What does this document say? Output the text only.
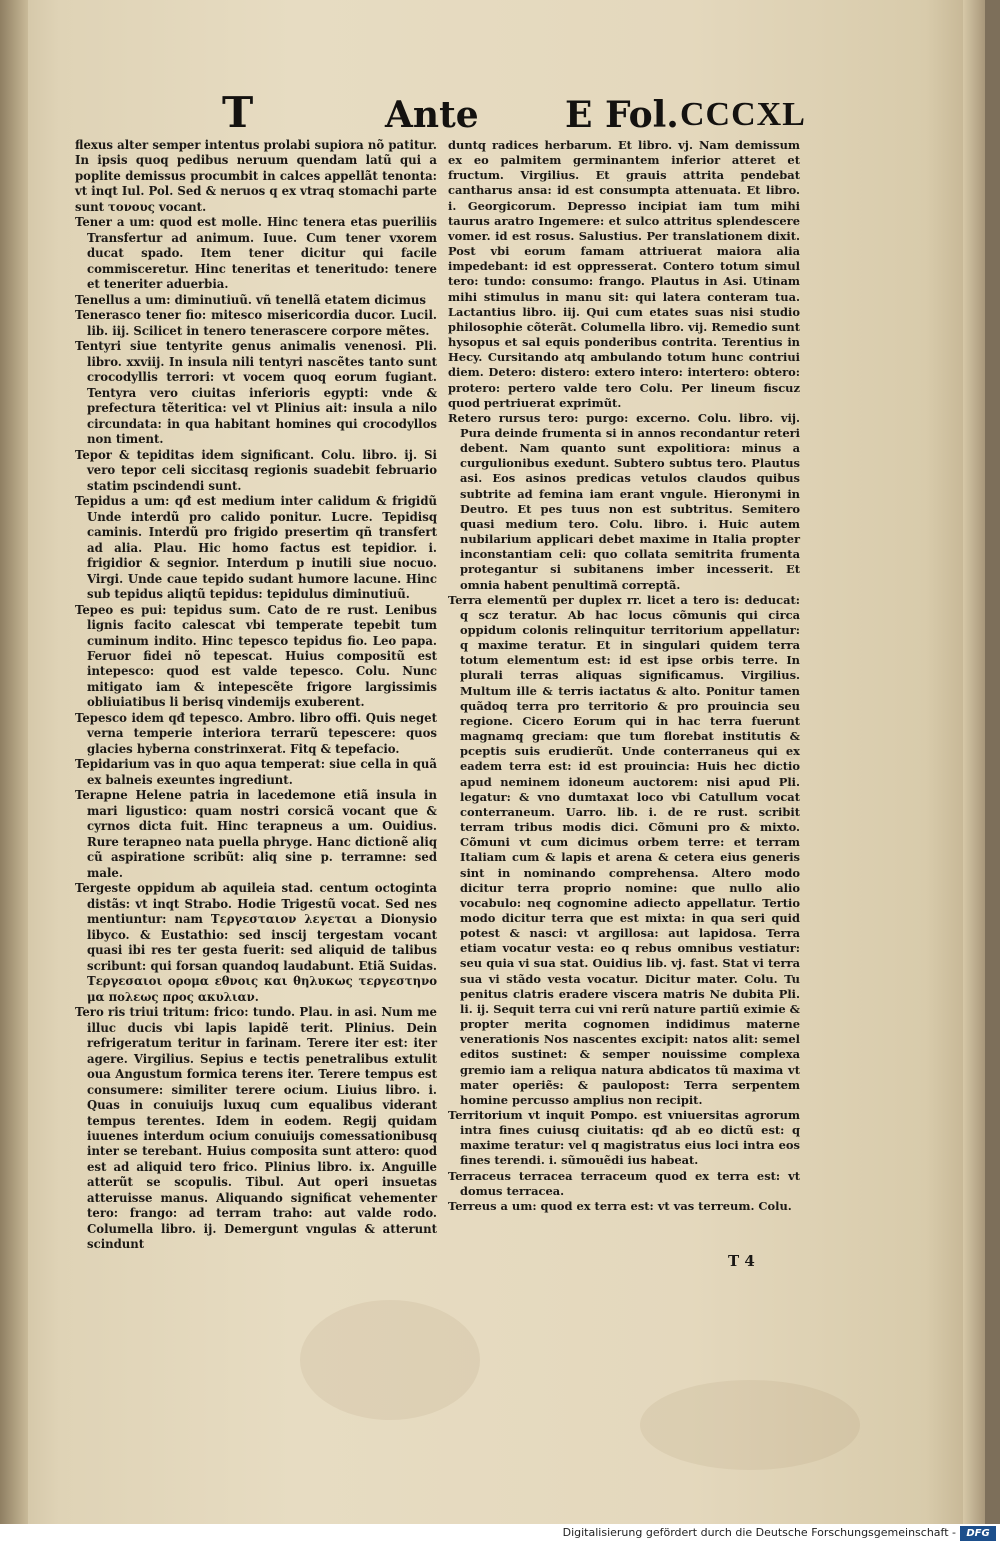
T	Ante E Fol. CCCXL

flexus alter semper intentus prolabi supiora nõ patitur. In ipsis quoq pedibus neruum quendam latũ qui a poplite demissus procumbit in calces appellãt tenonta: vt inqt Iul. Pol. Sed & neruos q ex vtraq stomachi parte sunt τονους vocant.

Tener a um: quod est molle. Hinc tenera etas pueriliis Transfertur ad animum. Iuue. Cum tener vxorem ducat spado. Item tener dicitur qui facile commisceretur. Hinc teneritas et teneritudo: tenere et teneriter aduerbia.

Tenellus a um: diminutiuũ. vñ tenellã etatem dicimus

Tenerasco tener fio: mitesco misericordia ducor. Lucil. lib. iij. Scilicet in tenero tenerascere corpore mẽtes.

Tentyri siue tentyrite genus animalis venenosi. Pli. libro. xxviij. In insula nili tentyri nascẽtes tanto sunt crocodyllis terrori: vt vocem quoq eorum fugiant. Tentyra vero ciuitas inferioris egypti: vnde & prefectura tẽteritica: vel vt Plinius ait: insula a nilo circundata: in qua habitant homines qui crocodyllos non timent.

Tepor & tepiditas idem significant. Colu. libro. ij. Si vero tepor celi siccitasq regionis suadebit februario statim pscindendi sunt.

Tepidus a um: qđ est medium inter calidum & frigidũ Unde interdũ pro calido ponitur. Lucre. Tepidisq caminis. Interdũ pro frigido presertim qñ transfert ad alia. Plau. Hic homo factus est tepidior. i. frigidior & segnior. Interdum p inutili siue nocuo. Virgi. Unde caue tepido sudant humore lacune. Hinc sub tepidus aliqtũ tepidus: tepidulus diminutiuũ.

Tepeo es pui: tepidus sum. Cato de re rust. Lenibus lignis facito calescat vbi temperate tepebit tum cuminum indito. Hinc tepesco tepidus fio. Leo papa. Feruor fidei nõ tepescat. Huius compositũ est intepesco: quod est valde tepesco. Colu. Nunc mitigato iam & intepescẽte frigore largissimis obliuiatibus li berisq vindemijs exuberent.

Tepesco idem qđ tepesco. Ambro. libro offi. Quis neget verna temperie interiora terrarũ tepescere: quos glacies hyberna constrinxerat. Fitq & tepefacio.

Tepidarium vas in quo aqua temperat: siue cella in quã ex balneis exeuntes ingrediunt.

Terapne Helene patria in lacedemone etiã insula in mari ligustico: quam nostri corsicã vocant que & cyrnos dicta fuit. Hinc terapneus a um. Ouidius. Rure terapneo nata puella phryge. Hanc dictionẽ aliq cũ aspiratione scribũt: aliq sine p. terramne: sed male.

Tergeste oppidum ab aquileia stad. centum octoginta distãs: vt inqt Strabo. Hodie Trigestũ vocat. Sed nes mentiuntur: nam Τεργεσταιον λεγεται a Dionysio libyco. & Eustathio: sed inscij tergestam vocant quasi ibi res ter gesta fuerit: sed aliquid de talibus scribunt: qui forsan quandoq laudabunt. Etiã Suidas. Τεργεσαιοι ορομα εθνοις και θηλυκως τεργεστηνο μα πολεως προς ακυλιαν.

Tero ris triui tritum: frico: tundo. Plau. in asi. Num me illuc ducis vbi lapis lapidẽ terit. Plinius. Dein refrigeratum teritur in farinam. Terere iter est: iter agere. Virgilius. Sepius e tectis penetralibus extulit oua Angustum formica terens iter. Terere tempus est consumere: similiter terere ocium. Liuius libro. i. Quas in conuiuijs luxuq cum equalibus viderant tempus terentes. Idem in eodem. Regij quidam iuuenes interdum ocium conuiuijs comessationibusq inter se terebant. Huius composita sunt attero: quod est ad aliquid tero frico. Plinius libro. ix. Anguille atterũt se scopulis. Tibul. Aut operi insuetas atteruisse manus. Aliquando significat vehementer tero: frango: ad terram traho: aut valde rodo. Columella libro. ij. Demergunt vngulas & atterunt scindunt

duntq radices herbarum. Et libro. vj. Nam demissum ex eo palmitem germinantem inferior atteret et fructum. Virgilius. Et grauis attrita pendebat cantharus ansa: id est consumpta attenuata. Et libro. i. Georgicorum. Depresso incipiat iam tum mihi taurus aratro Ingemere: et sulco attritus splendescere vomer. id est rosus. Salustius. Per translationem dixit. Post vbi eorum famam attriuerat maiora alia impedebant: id est oppresserat. Contero totum simul tero: tundo: consumo: frango. Plautus in Asi. Utinam mihi stimulus in manu sit: qui latera conteram tua. Lactantius libro. iij. Qui cum etates suas nisi studio philosophie cõterãt. Columella libro. vij. Remedio sunt hysopus et sal equis ponderibus contrita. Terentius in Hecy. Cursitando atq ambulando totum hunc contriui diem. Detero: distero: extero intero: intertero: obtero: protero: pertero valde tero Colu. Per lineum fiscuz quod pertriuerat exprimũt.

Retero rursus tero: purgo: excerno. Colu. libro. vij. Pura deinde frumenta si in annos recondantur reteri debent. Nam quanto sunt expolitiora: minus a curgulionibus exedunt. Subtero subtus tero. Plautus asi. Eos asinos predicas vetulos claudos quibus subtrite ad femina iam erant vngule. Hieronymi in Deutro. Et pes tuus non est subtritus. Semitero quasi medium tero. Colu. libro. i. Huic autem nubilarium applicari debet maxime in Italia propter inconstantiam celi: quo collata semitrita frumenta protegantur si subitanens imber incesserit. Et omnia habent penultimã correptã.

Terra elementũ per duplex rr. licet a tero is: deducat: q scz teratur. Ab hac locus cõmunis qui circa oppidum colonis relinquitur territorium appellatur: q maxime teratur. Et in singulari quidem terra totum elementum est: id est ipse orbis terre. In plurali terras aliquas significamus. Virgilius. Multum ille & terris iactatus & alto. Ponitur tamen quãdoq terra pro territorio & pro prouincia seu regione. Cicero Eorum qui in hac terra fuerunt magnamq greciam: que tum florebat institutis & pceptis suis erudierũt. Unde conterraneus qui ex eadem terra est: id est prouincia: Huis hec dictio apud neminem idoneum auctorem: nisi apud Pli. legatur: & vno dumtaxat loco vbi Catullum vocat conterraneum. Uarro. lib. i. de re rust. scribit terram tribus modis dici. Cõmuni pro & mixto. Cõmuni vt cum dicimus orbem terre: et terram Italiam cum & lapis et arena & cetera eius generis sint in nominando comprehensa. Altero modo dicitur terra proprio nomine: que nullo alio vocabulo: neq cognomine adiecto appellatur. Tertio modo dicitur terra que est mixta: in qua seri quid potest & nasci: vt argillosa: aut lapidosa. Terra etiam vocatur vesta: eo q rebus omnibus vestiatur: seu quia vi sua stat. Ouidius lib. vj. fast. Stat vi terra sua vi stãdo vesta vocatur. Dicitur mater. Colu. Tu penitus clatris eradere viscera matris Ne dubita Pli. li. ij. Sequit terra cui vni rerũ nature partiũ eximie & propter merita cognomen indidimus materne venerationis Nos nascentes excipit: natos alit: semel editos sustinet: & semper nouissime complexa gremio iam a reliqua natura abdicatos tũ maxima vt mater operiẽs: & paulopost: Terra serpentem homine percusso amplius non recipit.

Territorium vt inquit Pompo. est vniuersitas agrorum intra fines cuiusq ciuitatis: qđ ab eo dictũ est: q maxime teratur: vel q magistratus eius loci intra eos fines terendi. i. sũmouẽdi ius habeat.

Terraceus terracea terraceum quod ex terra est: vt domus terracea.

Terreus a um: quod ex terra est: vt vas terreum. Colu.

T 4
Digitalisierung gefördert durch die Deutsche Forschungsgemeinschaft -	DFG
